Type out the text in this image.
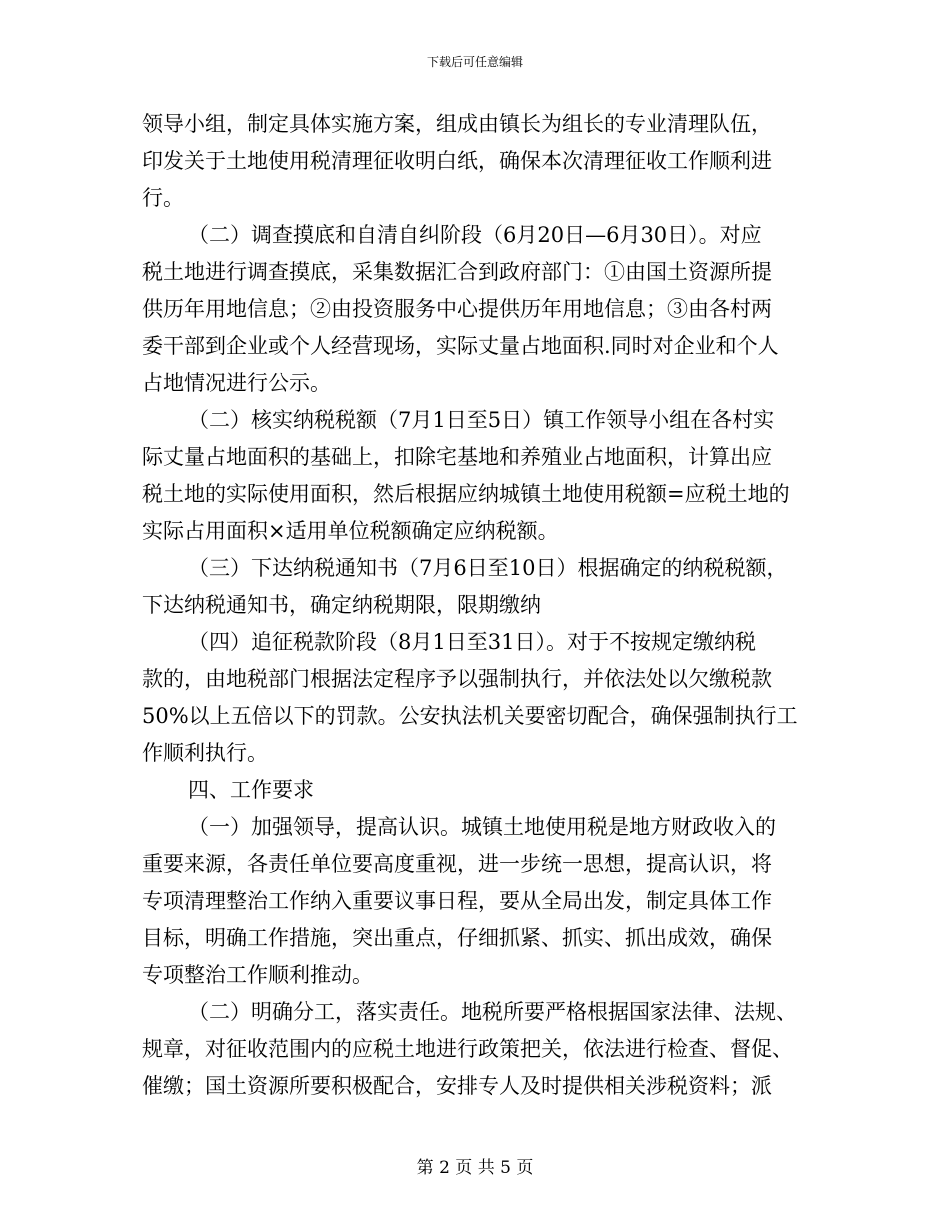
下载后可任意编辑
领导小组，制定具体实施方案，组成由镇长为组长的专业清理队伍，
印发关于土地使用税清理征收明白纸，确保本次清理征收工作顺利进
行。
（二）调查摸底和自清自纠阶段（6月20日—6月30日）。对应
税土地进行调查摸底，采集数据汇合到政府部门：①由国土资源所提
供历年用地信息；②由投资服务中心提供历年用地信息；③由各村两
委干部到企业或个人经营现场，实际丈量占地面积.同时对企业和个人
占地情况进行公示。
（二）核实纳税税额（7月1日至5日）镇工作领导小组在各村实
际丈量占地面积的基础上，扣除宅基地和养殖业占地面积，计算出应
税土地的实际使用面积，然后根据应纳城镇土地使用税额=应税土地的
实际占用面积×适用单位税额确定应纳税额。
（三）下达纳税通知书（7月6日至10日）根据确定的纳税税额，
下达纳税通知书，确定纳税期限，限期缴纳
（四）追征税款阶段（8月1日至31日）。对于不按规定缴纳税
款的，由地税部门根据法定程序予以强制执行，并依法处以欠缴税款
50%以上五倍以下的罚款。公安执法机关要密切配合，确保强制执行工
作顺利执行。
四、工作要求
（一）加强领导，提高认识。城镇土地使用税是地方财政收入的
重要来源，各责任单位要高度重视，进一步统一思想，提高认识，将
专项清理整治工作纳入重要议事日程，要从全局出发，制定具体工作
目标，明确工作措施，突出重点，仔细抓紧、抓实、抓出成效，确保
专项整治工作顺利推动。
（二）明确分工，落实责任。地税所要严格根据国家法律、法规、
规章，对征收范围内的应税土地进行政策把关，依法进行检查、督促、
催缴；国土资源所要积极配合，安排专人及时提供相关涉税资料；派
第 2 页 共 5 页
